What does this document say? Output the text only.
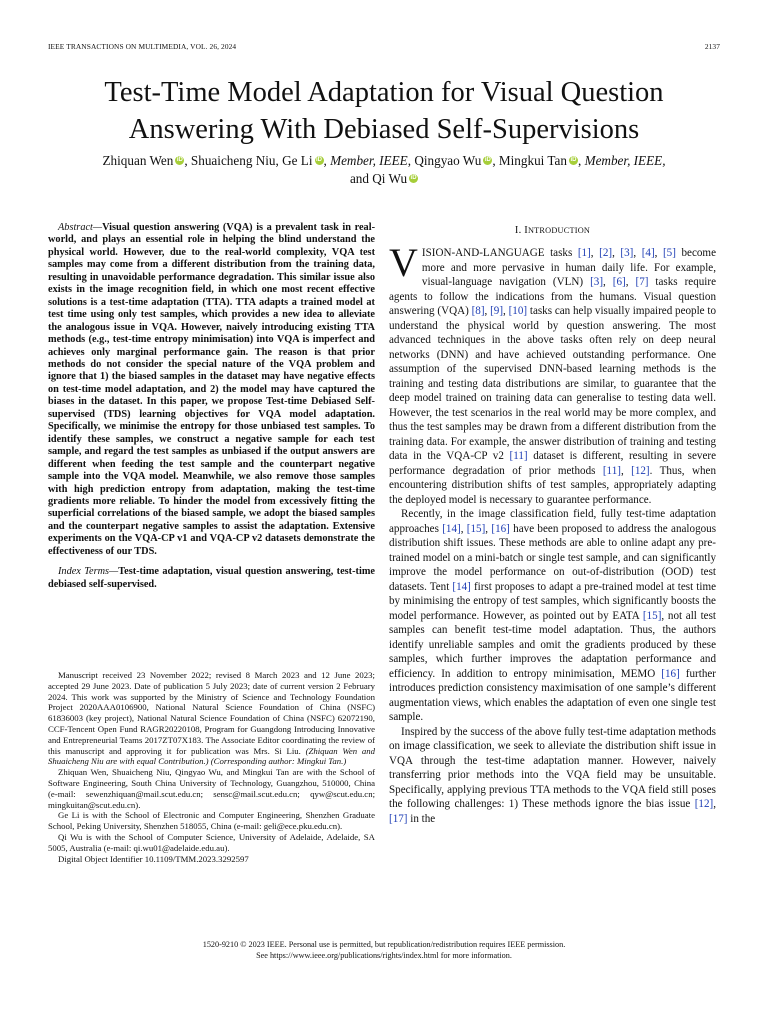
IEEE TRANSACTIONS ON MULTIMEDIA, VOL. 26, 2024	2137
Test-Time Model Adaptation for Visual Question Answering With Debiased Self-Supervisions
Zhiquan Wen iD , Shuaicheng Niu, Ge Li iD , Member, IEEE, Qingyao Wu iD , Mingkui Tan iD , Member, IEEE,
and Qi Wu iD

Abstract—Visual question answering (VQA) is a prevalent task in real-world, and plays an essential role in helping the blind understand the physical world. However, due to the real-world complexity, VQA test samples may come from a different distribution from the training data, resulting in unavoidable performance degradation. This similar issue also exists in the image recognition field, in which one most recent effective solutions is a test-time adaptation (TTA). TTA adapts a trained model at test time using only test samples, which provides a new idea to alleviate the analogous issue in VQA. However, naively introducing existing TTA methods (e.g., test-time entropy minimisation) into VQA is imperfect and achieves only marginal performance gain. The reason is that prior methods do not consider the special nature of the VQA problem and ignore that 1) the biased samples in the dataset may have negative effects on test-time model adaptation, and 2) the model may have captured the biases in the dataset. In this paper, we propose Test-time Debiased Self-supervised (TDS) learning objectives for VQA model adaptation. Specifically, we minimise the entropy for those unbiased test samples. To identify these samples, we construct a negative sample for each test sample, and regard the test samples as unbiased if the output answers are different when feeding the test sample and the counterpart negative sample into the VQA model. Meanwhile, we also remove those samples with high prediction entropy from adaptation, making the test-time gradients more reliable. To hinder the model from excessively fitting the superficial correlations of the biased sample, we adopt the biased samples and the counterpart negative samples to assist the adaptation. Extensive experiments on the VQA-CP v1 and VQA-CP v2 datasets demonstrate the effectiveness of our TDS.

Index Terms—Test-time adaptation, visual question answering, test-time debiased self-supervised.

Manuscript received 23 November 2022; revised 8 March 2023 and 12 June 2023; accepted 29 June 2023. Date of publication 5 July 2023; date of current version 2 February 2024. This work was supported by the Ministry of Science and Technology Foundation Project 2020AAA0106900, National Natural Science Foundation of China (NSFC) 61836003 (key project), National Natural Science Foundation of China (NSFC) 62072190, CCF-Tencent Open Fund RAGR20220108, Program for Guangdong Introducing Innovative and Entrepreneurial Teams 2017ZT07X183. The Associate Editor coordinating the review of this manuscript and approving it for publication was Mrs. Si Liu. (Zhiquan Wen and Shuaicheng Niu are with equal Contribution.) (Corresponding author: Mingkui Tan.)

Zhiquan Wen, Shuaicheng Niu, Qingyao Wu, and Mingkui Tan are with the School of Software Engineering, South China University of Technology, Guangzhou, 510000, China (e-mail: sewenzhiquan@mail.scut.edu.cn; sensc@mail.scut.edu.cn; qyw@scut.edu.cn; mingkuitan@scut.edu.cn).

Ge Li is with the School of Electronic and Computer Engineering, Shenzhen Graduate School, Peking University, Shenzhen 518055, China (e-mail: geli@ece.pku.edu.cn).

Qi Wu is with the School of Computer Science, University of Adelaide, Adelaide, SA 5005, Australia (e-mail: qi.wu01@adelaide.edu.au).

Digital Object Identifier 10.1109/TMM.2023.3292597

I. INTRODUCTION

VISION-AND-LANGUAGE tasks [1], [2], [3], [4], [5] become more and more pervasive in human daily life. For example, visual-language navigation (VLN) [3], [6], [7] tasks require agents to follow the indications from the humans. Visual question answering (VQA) [8], [9], [10] tasks can help visually impaired people to understand the physical world by question answering. The most advanced techniques in the above tasks often rely on deep neural networks (DNN) and have achieved outstanding performance. One assumption of the supervised DNN-based learning methods is the training and testing data distributions are similar, to guarantee that the deep model trained on training data can generalise to testing data well. However, the test scenarios in the real world may be more complex, and thus the test samples may be drawn from a different distribution from the training data. For example, the answer distribution of training and testing data in the VQA-CP v2 [11] dataset is different, resulting in severe performance degradation of prior methods [11], [12]. Thus, when encountering distribution shifts of test samples, appropriately adapting the deployed model is necessary to guarantee performance.

Recently, in the image classification field, fully test-time adaptation approaches [14], [15], [16] have been proposed to address the analogous distribution shift issues. These methods are able to online adapt any pre-trained model on a mini-batch or single test sample, and can significantly improve the model performance on out-of-distribution (OOD) test datasets. Tent [14] first proposes to adapt a pre-trained model at test time by minimising the entropy of test samples, which significantly boosts the model performance. However, as pointed out by EATA [15], not all test samples can benefit test-time model adaptation. Thus, the authors identify unreliable samples and omit the gradients produced by these samples, which further improves the adaptation performance and efficiency. In addition to entropy minimisation, MEMO [16] further introduces prediction consistency maximisation of one sample’s different augmentation views, which enables the adaptation of even one single test sample.

Inspired by the success of the above fully test-time adaptation methods on image classification, we seek to alleviate the distribution shift issue in VQA through the test-time adaptation manner. However, naively transferring prior methods into the VQA field may be unsuitable. Specifically, applying previous TTA methods to the VQA field still poses the following challenges: 1) These methods ignore the bias issue [12], [17] in the

1520-9210 © 2023 IEEE. Personal use is permitted, but republication/redistribution requires IEEE permission.
See https://www.ieee.org/publications/rights/index.html for more information.
